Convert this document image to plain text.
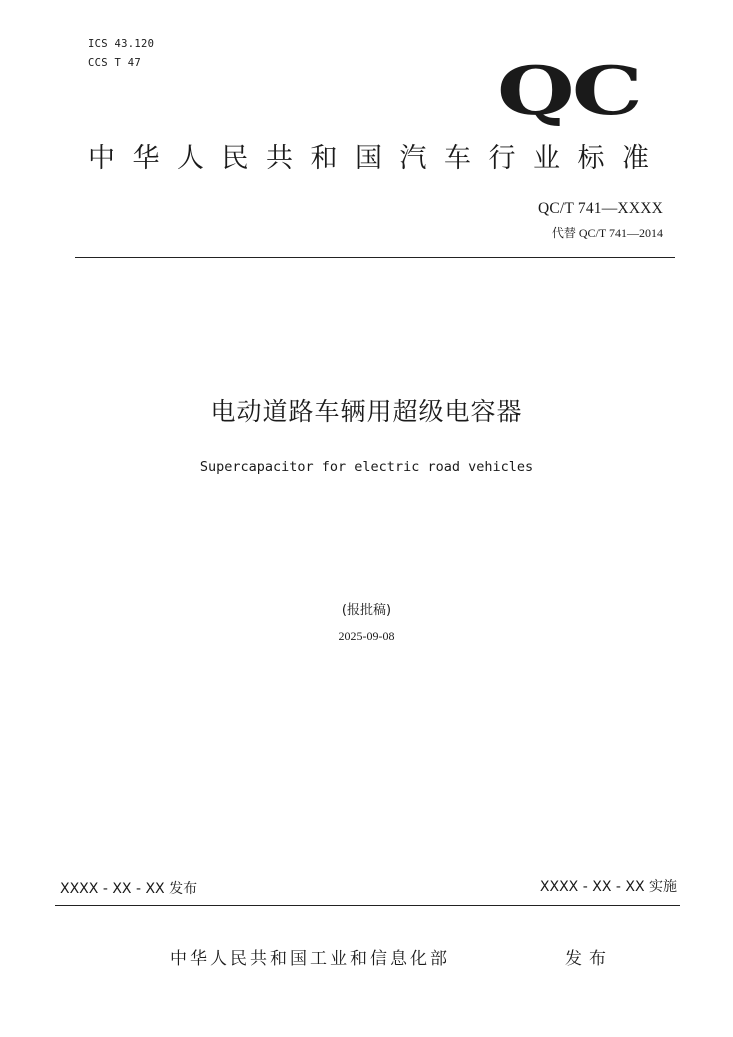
ICS 43.120
CCS T 47	QC
中华人民共和国汽车行业标准
QC/T 741—XXXX
代替 QC/T 741—2014
电动道路车辆用超级电容器
Supercapacitor for electric road vehicles
(报批稿)
2025-09-08
XXXX - XX - XX 发布	XXXX - XX - XX 实施
中华人民共和国工业和信息化部	发布
